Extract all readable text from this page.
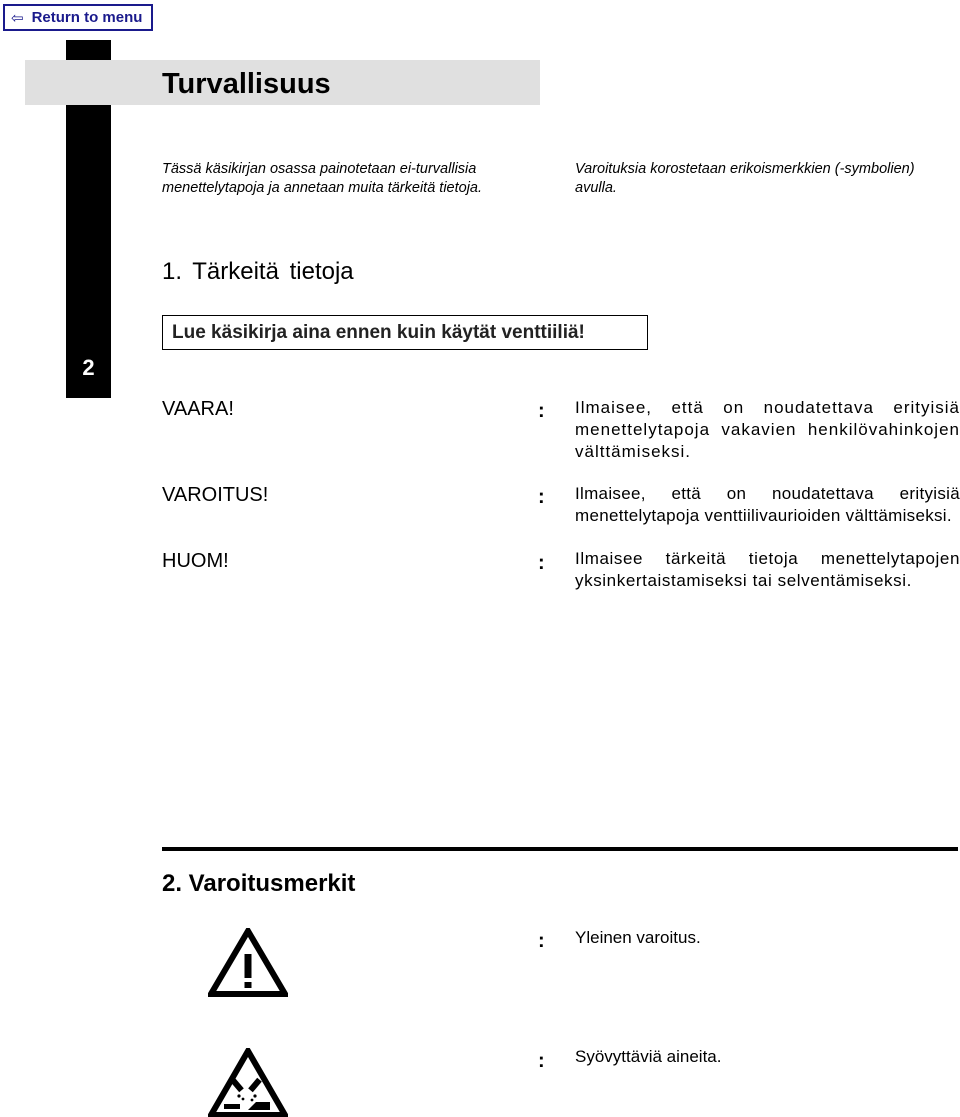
⇦ Return to menu
2
Turvallisuus
Tässä käsikirjan osassa painotetaan ei-turvallisia menettelytapoja ja annetaan muita tärkeitä tietoja.
Varoituksia korostetaan erikoismerkkien (-symbolien) avulla.
1. Tärkeitä tietoja
Lue käsikirja aina ennen kuin käytät venttiiliä!
VAARA!	: Ilmaisee, että on noudatettava erityisiä menettelytapoja vakavien henkilövahinkojen välttämiseksi.
VAROITUS!	: Ilmaisee, että on noudatettava erityisiä menettelytapoja venttiilivaurioiden välttämiseksi.
HUOM!	: Ilmaisee tärkeitä tietoja menettelytapojen yksinkertaistamiseksi tai selventämiseksi.
2. Varoitusmerkit
: Yleinen varoitus.
: Syövyttäviä aineita.
